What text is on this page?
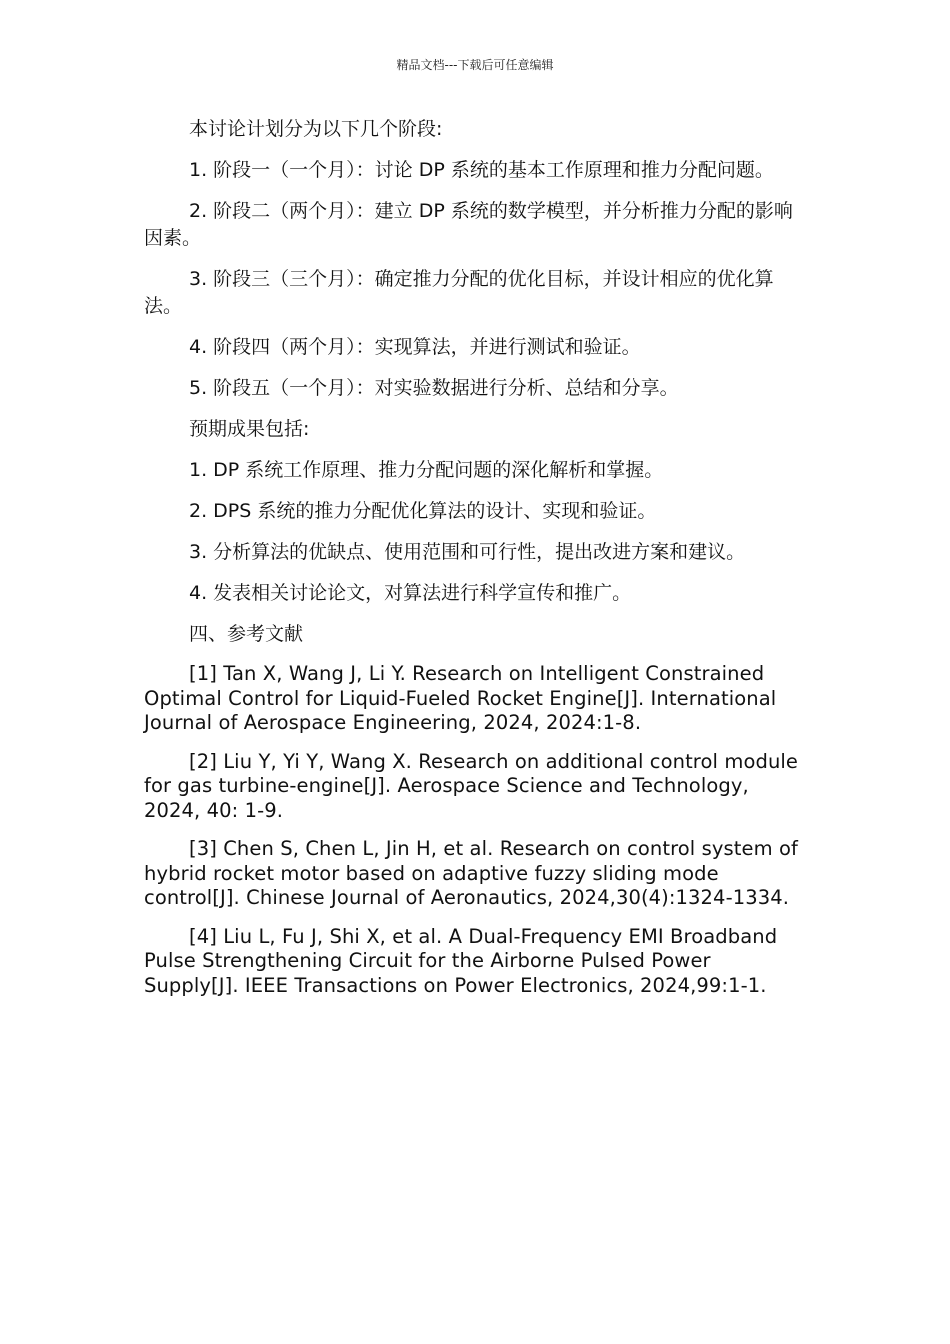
精品文档---下载后可任意编辑

本讨论计划分为以下几个阶段:

1. 阶段一（一个月）：讨论 DP 系统的基本工作原理和推力分配问题。

2. 阶段二（两个月）：建立 DP 系统的数学模型，并分析推力分配的影响因素。

3. 阶段三（三个月）：确定推力分配的优化目标，并设计相应的优化算法。

4. 阶段四（两个月）：实现算法，并进行测试和验证。

5. 阶段五（一个月）：对实验数据进行分析、总结和分享。

预期成果包括:

1. DP 系统工作原理、推力分配问题的深化解析和掌握。

2. DPS 系统的推力分配优化算法的设计、实现和验证。

3. 分析算法的优缺点、使用范围和可行性，提出改进方案和建议。

4. 发表相关讨论论文，对算法进行科学宣传和推广。

四、参考文献

[1] Tan X, Wang J, Li Y. Research on Intelligent Constrained Optimal Control for Liquid-Fueled Rocket Engine[J]. International Journal of Aerospace Engineering, 2024, 2024:1-8.

[2] Liu Y, Yi Y, Wang X. Research on additional control module for gas turbine-engine[J]. Aerospace Science and Technology, 2024, 40: 1-9.

[3] Chen S, Chen L, Jin H, et al. Research on control system of hybrid rocket motor based on adaptive fuzzy sliding mode control[J]. Chinese Journal of Aeronautics, 2024,30(4):1324-1334.

[4] Liu L, Fu J, Shi X, et al. A Dual-Frequency EMI Broadband Pulse Strengthening Circuit for the Airborne Pulsed Power Supply[J]. IEEE Transactions on Power Electronics, 2024,99:1-1.
